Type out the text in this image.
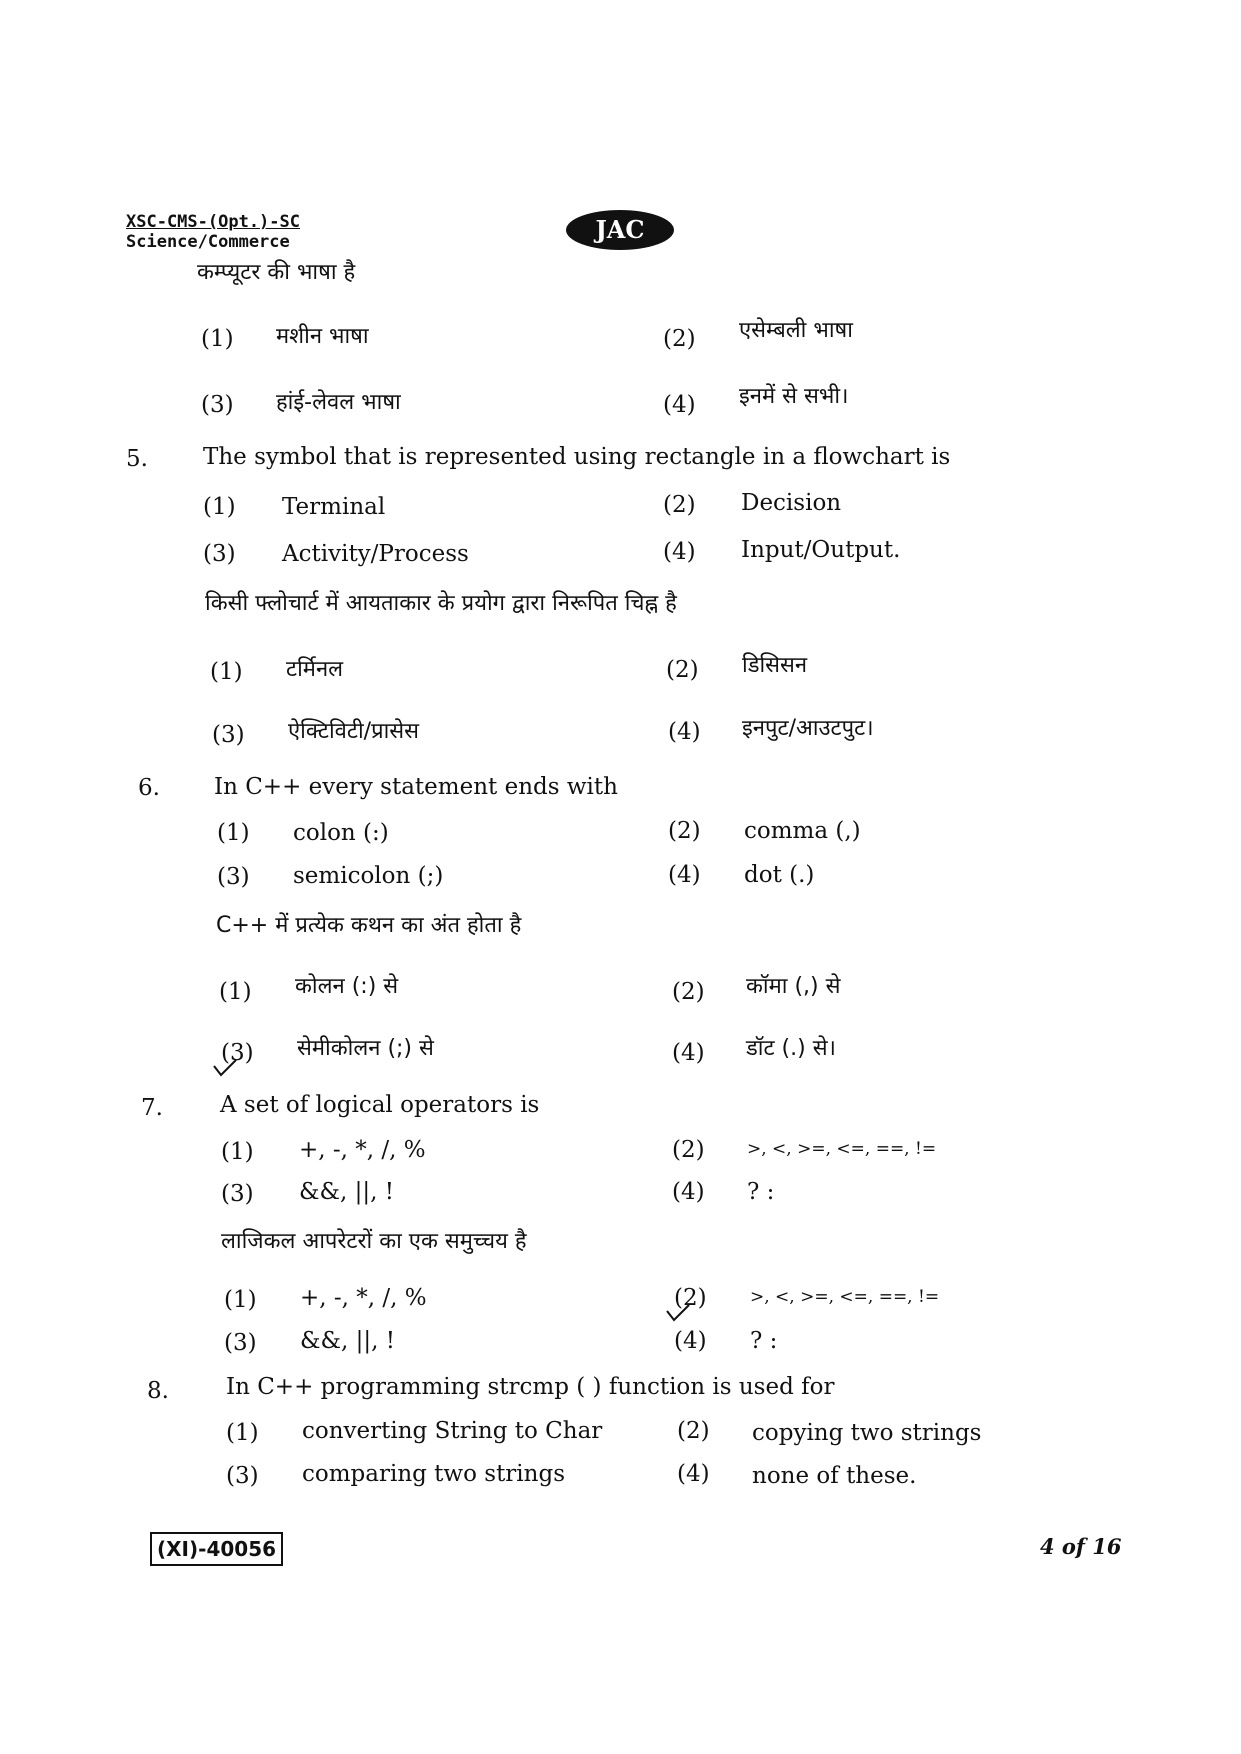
XSC-CMS-(Opt.)-SC
Science/Commerce	JAC
कम्प्यूटर की भाषा है
(1) मशीन भाषा	(2) एसेम्बली भाषा
(3) हांई-लेवल भाषा	(4) इनमें से सभी।
5. The symbol that is represented using rectangle in a flowchart is
(1) Terminal	(2) Decision
(3) Activity/Process	(4) Input/Output.
किसी फ्लोचार्ट में आयताकार के प्रयोग द्वारा निरूपित चिह्न है
(1) टर्मिनल	(2) डिसिसन
(3) ऐक्टिविटी/प्रासेस	(4) इनपुट/आउटपुट।
6. In C++ every statement ends with
(1) colon (:)	(2) comma (,)
(3) semicolon (;)	(4) dot (.)
C++ में प्रत्येक कथन का अंत होता है
(1) कोलन (:) से	(2) कॉमा (,) से
(3) सेमीकोलन (;) से	(4) डॉट (.) से।
7. A set of logical operators is
(1) +, -, *, /, %	(2) >, <, >=, <=, ==, !=
(3) &&, ||, !	(4) ? :
लाजिकल आपरेटरों का एक समुच्चय है
(1) +, -, *, /, %	(2)	>, <, >=, <=, ==, !=
(3) &&, ||, !	(4) ? :
8. In C++ programming strcmp ( ) function is used for
(1) converting String to Char	(2) copying two strings
(3) comparing two strings	(4) none of these.
(XI)-40056	4 of 16
